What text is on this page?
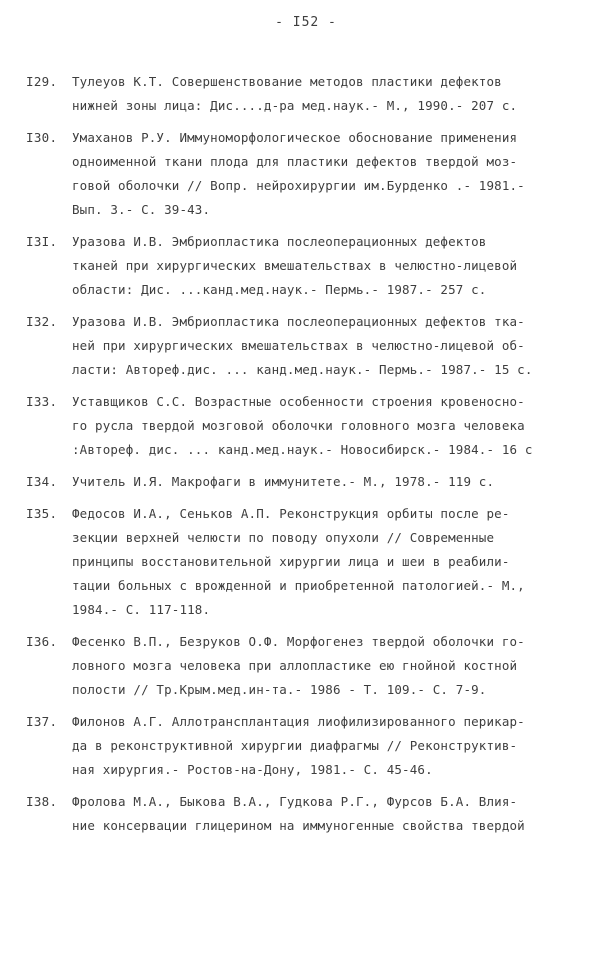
- I52 -
I29.	Тулеуов К.Т. Совершенствование методов пластики дефектов
нижней зоны лица: Дис....д-ра мед.наук.- М., 1990.- 207 с.
I30.	Умаханов Р.У. Иммуноморфологическое обоснование применения
одноименной ткани плода для пластики дефектов твердой моз-
говой оболочки // Вопр. нейрохирургии им.Бурденко .- 1981.-
Вып. 3.- С. 39-43.
I3I.	Уразова И.В. Эмбриопластика послеоперационных дефектов
тканей при хирургических вмешательствах в челюстно-лицевой
области: Дис. ...канд.мед.наук.- Пермь.- 1987.- 257 с.
I32.	Уразова И.В. Эмбриопластика послеоперационных дефектов тка-
ней при хирургических вмешательствах в челюстно-лицевой об-
ласти: Автореф.дис. ... канд.мед.наук.- Пермь.- 1987.- 15 с.
I33.	Уставщиков С.С. Возрастные особенности строения кровеносно-
го русла твердой мозговой оболочки головного мозга человека
:Автореф. дис. ... канд.мед.наук.- Новосибирск.- 1984.- 16 с
I34.	Учитель И.Я. Макрофаги в иммунитете.- М., 1978.- 119 с.
I35.	Федосов И.А., Сеньков А.П. Реконструкция орбиты после ре-
зекции верхней челюсти по поводу опухоли // Современные
принципы восстановительной хирургии лица и шеи в реабили-
тации больных с врожденной и приобретенной патологией.- М.,
1984.- С. 117-118.
I36.	Фесенко В.П., Безруков О.Ф. Морфогенез твердой оболочки го-
ловного мозга человека при аллопластике ею гнойной костной
полости // Тр.Крым.мед.ин-та.- 1986 - Т. 109.- С. 7-9.
I37.	Филонов А.Г. Аллотрансплантация лиофилизированного перикар-
да в реконструктивной хирургии диафрагмы // Реконструктив-
ная хирургия.- Ростов-на-Дону, 1981.- С. 45-46.
I38.	Фролова М.А., Быкова В.А., Гудкова Р.Г., Фурсов Б.А. Влия-
ние консервации глицерином на иммуногенные свойства твердой
